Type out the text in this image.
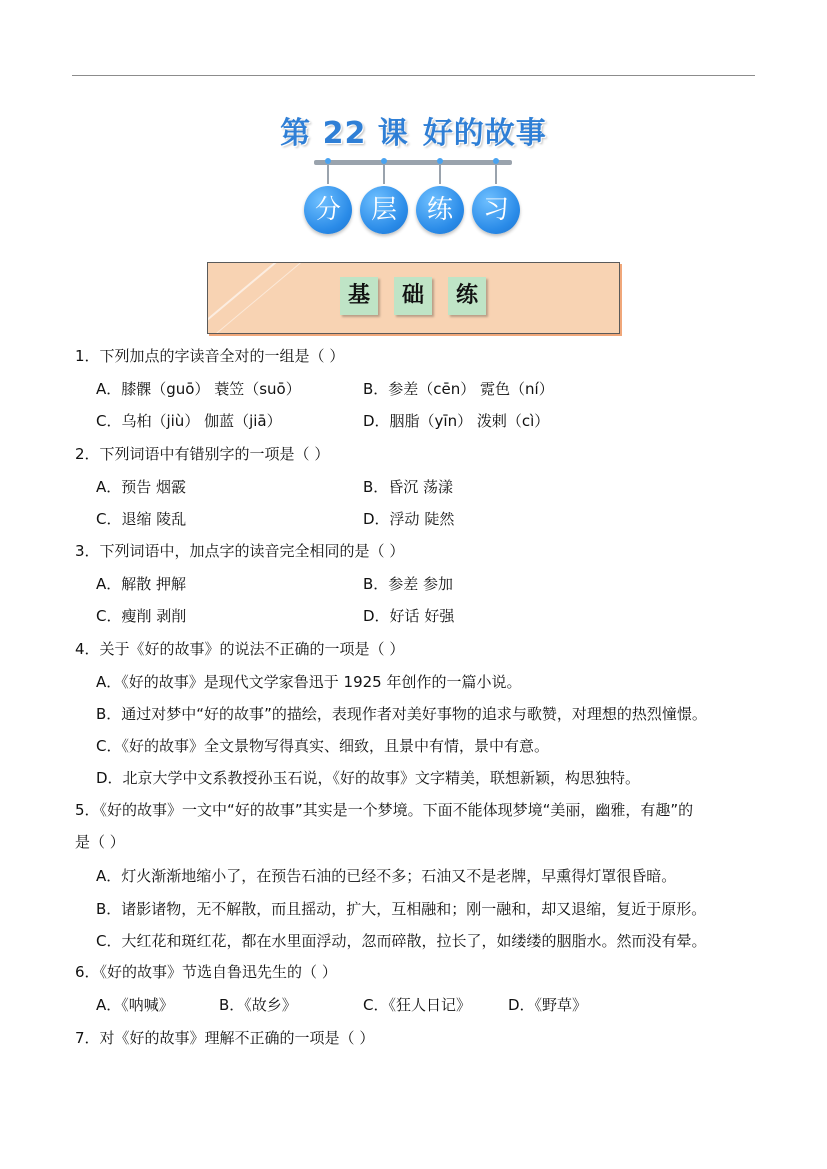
第 22 课 好的故事
分	层	练	习
基	础	练
1．下列加点的字读音全对的一组是（ ）
A．膝髁（guō） 蓑笠（suō）	B．参差（cēn） 霓色（ní）
C．乌桕（jiù） 伽蓝（jiā）	D．胭脂（yīn） 泼剌（cì）
2．下列词语中有错别字的一项是（ ）
A．预告 烟霰	B．昏沉 荡漾
C．退缩 陵乱	D．浮动 陡然
3．下列词语中，加点字的读音完全相同的是（ ）
A．解散 押解	B．参差 参加
C．瘦削 剥削	D．好话 好强
4．关于《好的故事》的说法不正确的一项是（ ）
A．《好的故事》是现代文学家鲁迅于 1925 年创作的一篇小说。
B．通过对梦中“好的故事”的描绘，表现作者对美好事物的追求与歌赞，对理想的热烈憧憬。
C．《好的故事》全文景物写得真实、细致，且景中有情，景中有意。
D．北京大学中文系教授孙玉石说，《好的故事》文字精美，联想新颖，构思独特。
5．《好的故事》一文中“好的故事”其实是一个梦境。下面不能体现梦境“美丽，幽雅，有趣”的
是（ ）
A．灯火渐渐地缩小了，在预告石油的已经不多；石油又不是老牌，早熏得灯罩很昏暗。
B．诸影诸物，无不解散，而且摇动，扩大，互相融和；刚一融和，却又退缩，复近于原形。
C．大红花和斑红花，都在水里面浮动，忽而碎散，拉长了，如缕缕的胭脂水。然而没有晕。
6．《好的故事》节选自鲁迅先生的（ ）
A．《呐喊》	B．《故乡》	C．《狂人日记》 D．《野草》
7．对《好的故事》理解不正确的一项是（ ）
